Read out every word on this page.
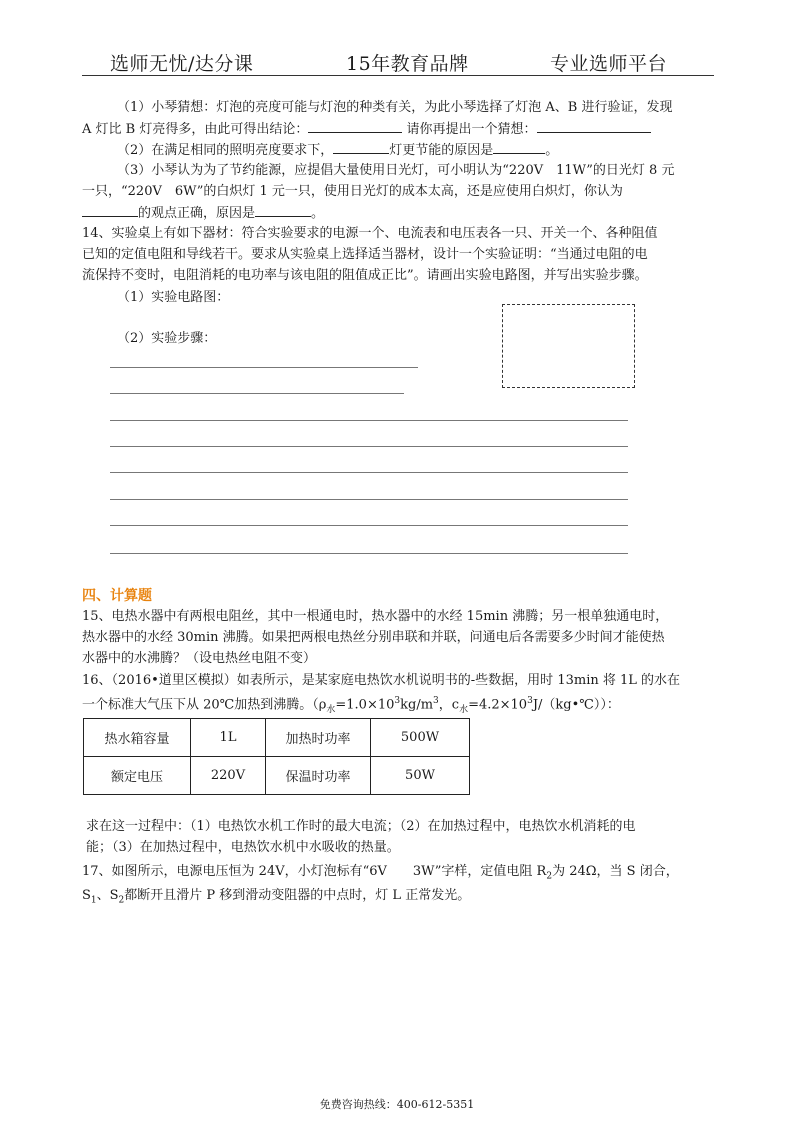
选师无忧/达分课	15年教育品牌	专业选师平台
（1）小琴猜想：灯泡的亮度可能与灯泡的种类有关，为此小琴选择了灯泡 A、B 进行验证，发现
A 灯比 B 灯亮得多，由此可得出结论：	请你再提出一个猜想：
（2）在满足相同的照明亮度要求下，	灯更节能的原因是	。
（3）小琴认为为了节约能源，应提倡大量使用日光灯，可小明认为“220V　11W”的日光灯 8 元
一只，“220V　6W”的白炽灯 1 元一只，使用日光灯的成本太高，还是应使用白炽灯，你认为
的观点正确，原因是	。
14、实验桌上有如下器材：符合实验要求的电源一个、电流表和电压表各一只、开关一个、各种阻值
已知的定值电阻和导线若干。要求从实验桌上选择适当器材，设计一个实验证明：“当通过电阻的电
流保持不变时，电阻消耗的电功率与该电阻的阻值成正比”。请画出实验电路图，并写出实验步骤。
（1）实验电路图：
（2）实验步骤：
四、计算题
15、电热水器中有两根电阻丝，其中一根通电时，热水器中的水经 15min 沸腾；另一根单独通电时，
热水器中的水经 30min 沸腾。如果把两根电热丝分别串联和并联，问通电后各需要多少时间才能使热
水器中的水沸腾？（设电热丝电阻不变）
16、（2016•道里区模拟）如表所示，是某家庭电热饮水机说明书的-些数据，用时 13min 将 1L 的水在
一个标准大气压下从 20℃加热到沸腾。（$\rho_水=1.0\times 10^3kg/m^3$，$c_水=4.2\times 10^3J/(kg•℃)$）：
热水箱容量	1L	加热时功率	500W
额定电压	220V	保温时功率	50W
求在这一过程中：（1）电热饮水机工作时的最大电流；（2）在加热过程中，电热饮水机消耗的电
能；（3）在加热过程中，电热饮水机中水吸收的热量。
17、如图所示，电源电压恒为 24V，小灯泡标有“6V　　3W”字样，定值电阻 $R_2$为 24Ω，当 S 闭合，
$S_1$、$S_2$都断开且滑片 P 移到滑动变阻器的中点时，灯 L 正常发光。
免费咨询热线：400-612-5351
